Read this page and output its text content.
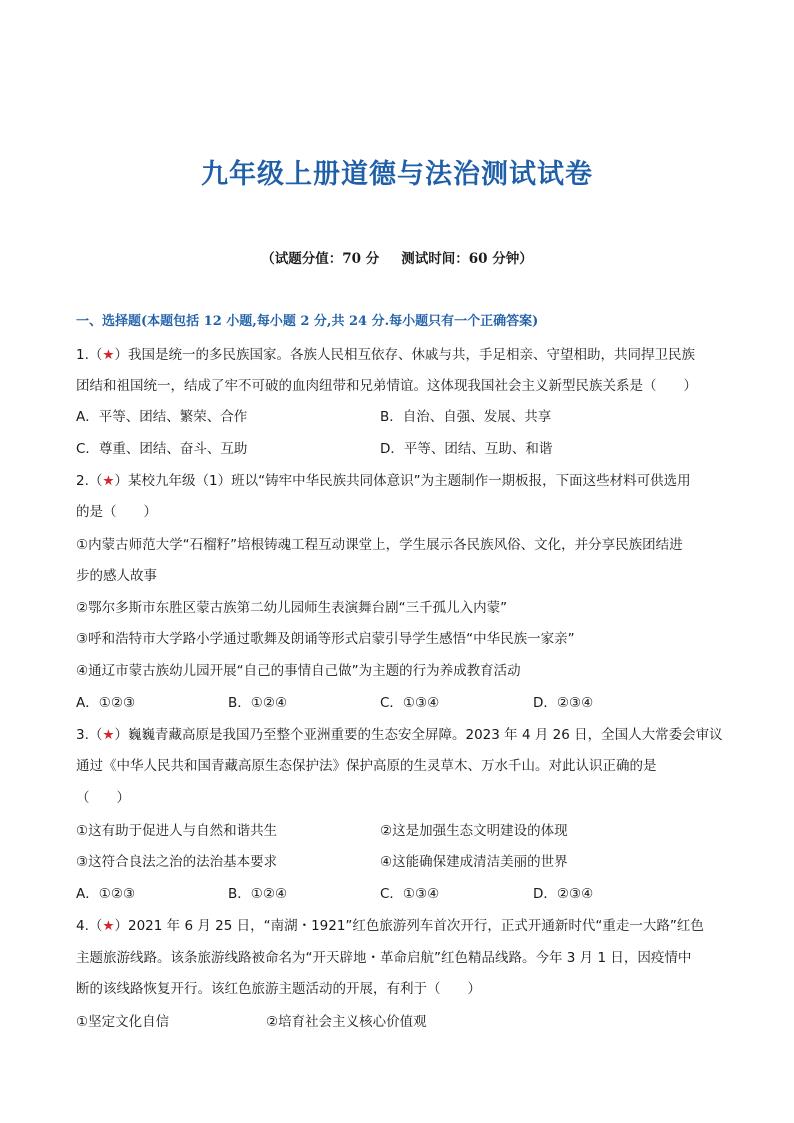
九年级上册道德与法治测试试卷
（试题分值：70 分 测试时间：60 分钟）
一、选择题(本题包括 12 小题,每小题 2 分,共 24 分.每小题只有一个正确答案)
1.（★）我国是统一的多民族国家。各族人民相互依存、休戚与共，手足相亲、守望相助，共同捍卫民族
团结和祖国统一，结成了牢不可破的血肉纽带和兄弟情谊。这体现我国社会主义新型民族关系是（　　）
A．平等、团结、繁荣、合作	B．自治、自强、发展、共享
C．尊重、团结、奋斗、互助	D．平等、团结、互助、和谐
2.（★）某校九年级（1）班以“铸牢中华民族共同体意识”为主题制作一期板报，下面这些材料可供选用
的是（　　）
①内蒙古师范大学“石榴籽”培根铸魂工程互动课堂上，学生展示各民族风俗、文化，并分享民族团结进
步的感人故事
②鄂尔多斯市东胜区蒙古族第二幼儿园师生表演舞台剧“三千孤儿入内蒙”
③呼和浩特市大学路小学通过歌舞及朗诵等形式启蒙引导学生感悟“中华民族一家亲”
④通辽市蒙古族幼儿园开展“自己的事情自己做”为主题的行为养成教育活动
A．①②③	B．①②④	C．①③④	D．②③④
3.（★）巍巍青藏高原是我国乃至整个亚洲重要的生态安全屏障。2023 年 4 月 26 日，全国人大常委会审议
通过《中华人民共和国青藏高原生态保护法》保护高原的生灵草木、万水千山。对此认识正确的是
（　　）
①这有助于促进人与自然和谐共生	②这是加强生态文明建设的体现
③这符合良法之治的法治基本要求	④这能确保建成清洁美丽的世界
A．①②③	B．①②④	C．①③④	D．②③④
4.（★）2021 年 6 月 25 日，“南湖・1921”红色旅游列车首次开行，正式开通新时代“重走一大路”红色
主题旅游线路。该条旅游线路被命名为“开天辟地・革命启航”红色精品线路。今年 3 月 1 日，因疫情中
断的该线路恢复开行。该红色旅游主题活动的开展，有利于（　　）
①坚定文化自信	②培育社会主义核心价值观
